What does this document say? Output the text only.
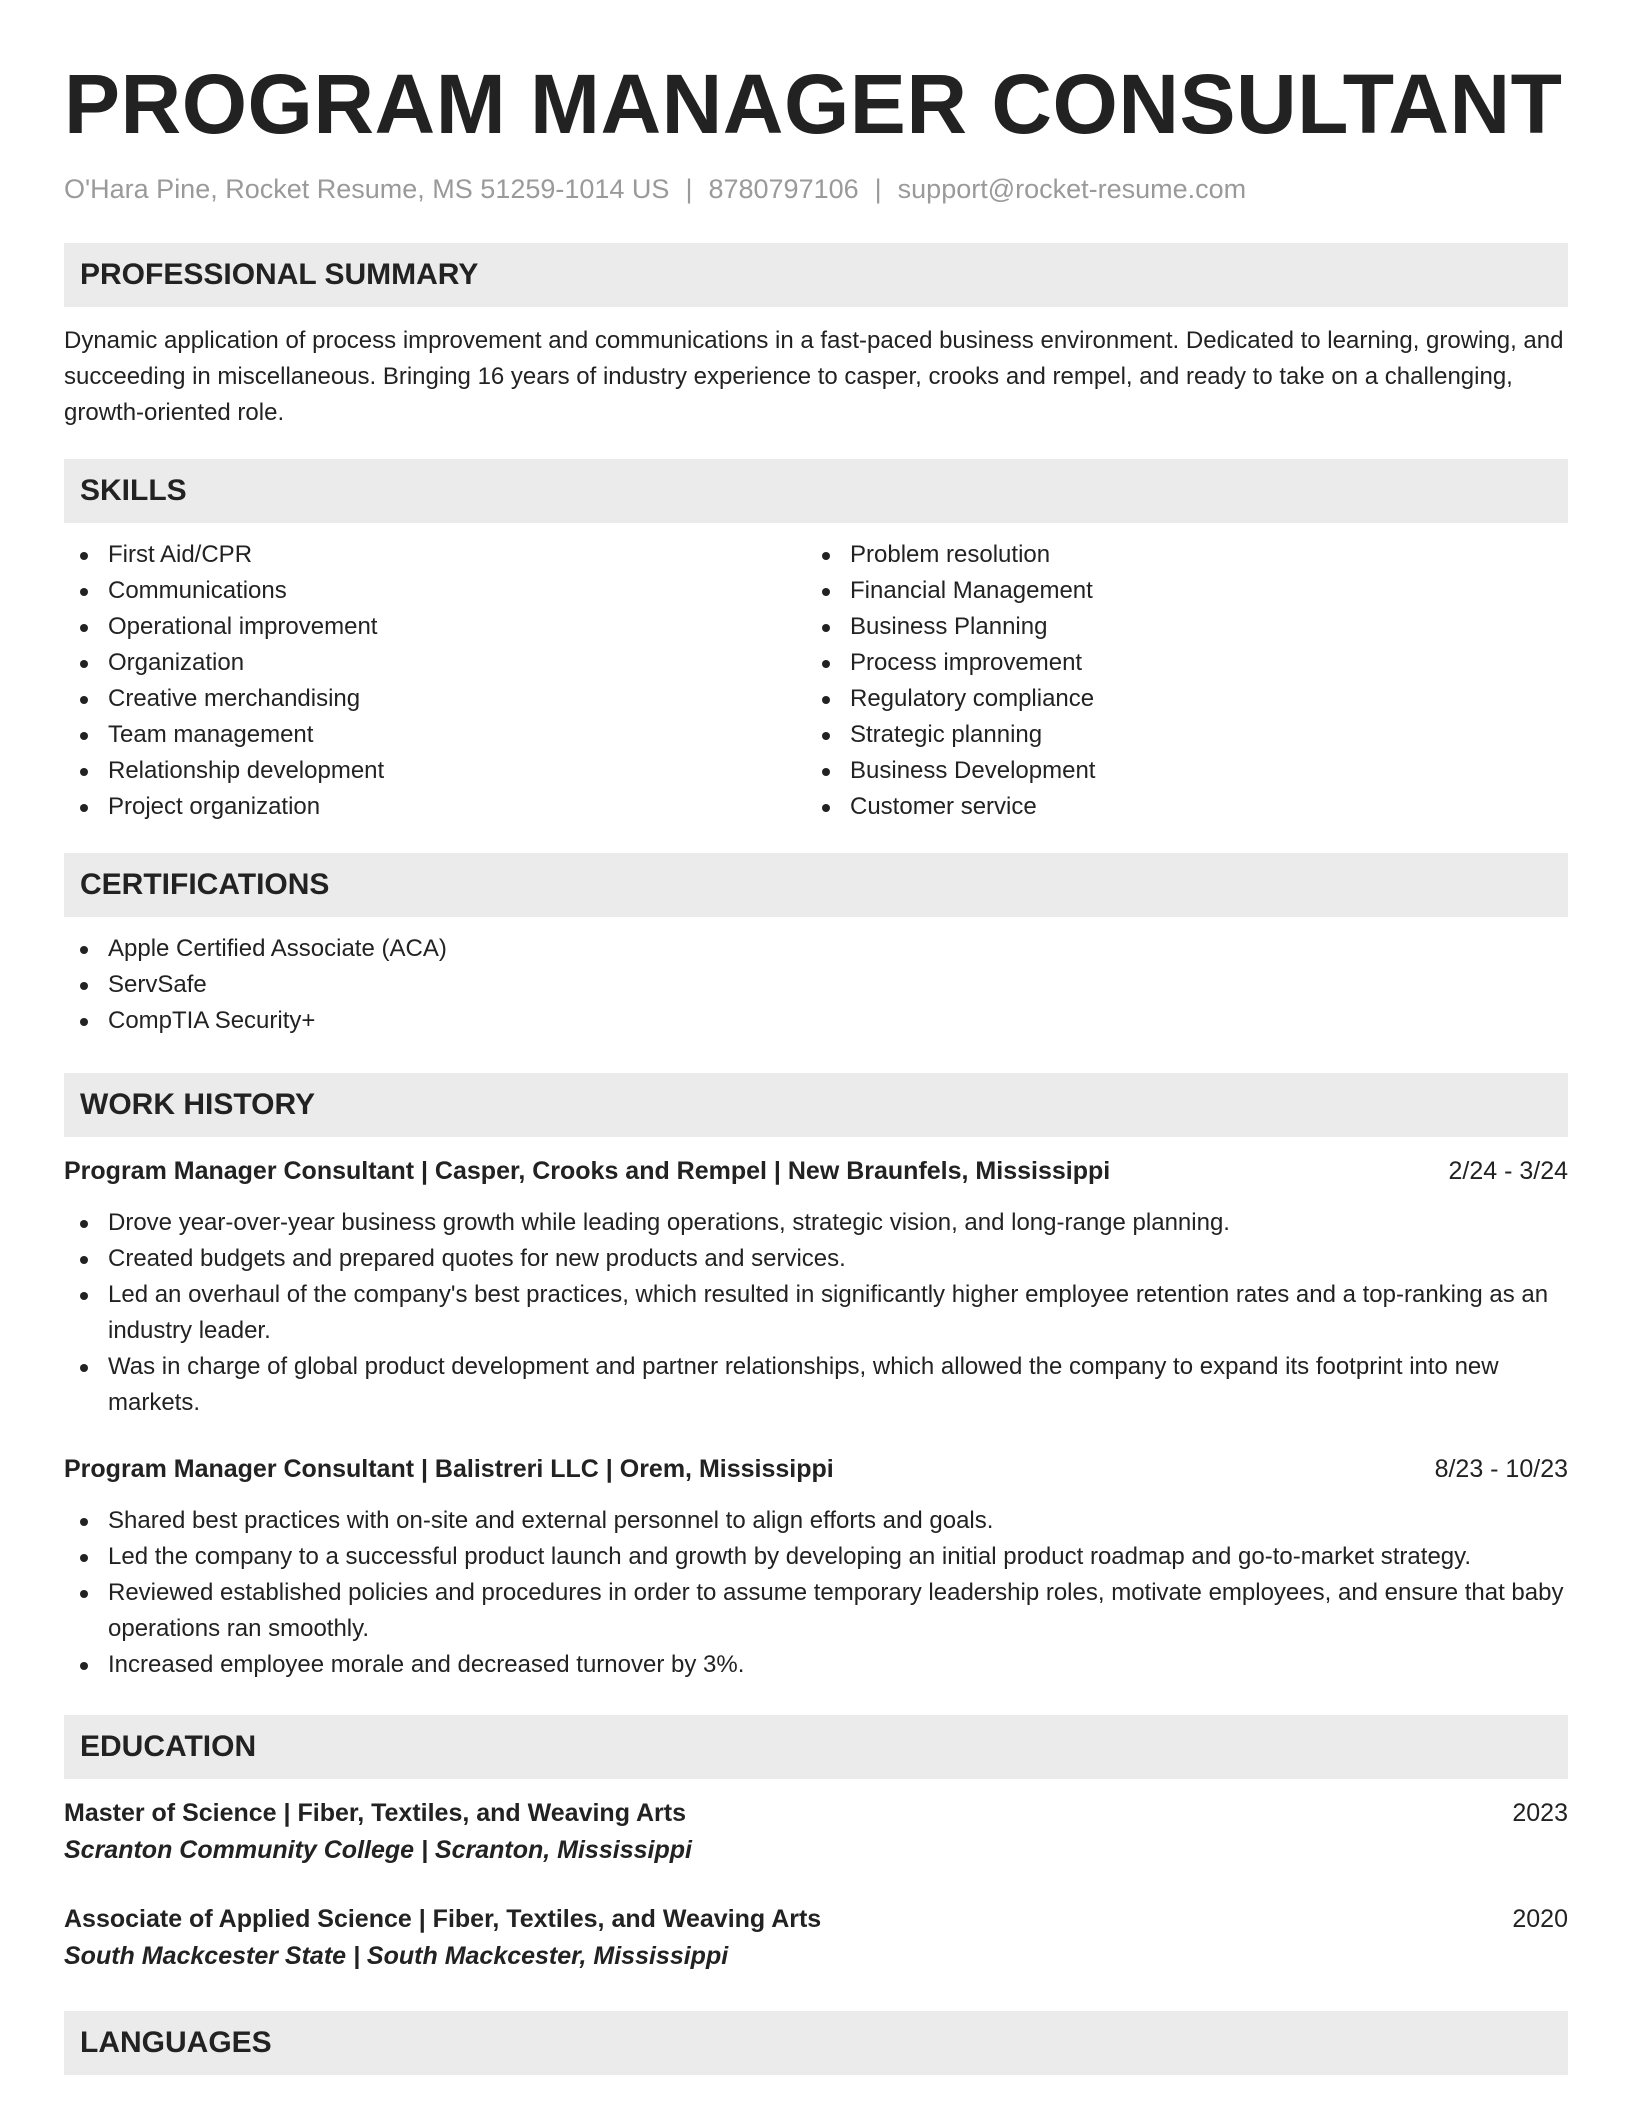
PROGRAM MANAGER CONSULTANT
O'Hara Pine, Rocket Resume, MS 51259-1014 US | 8780797106 | support@rocket-resume.com
PROFESSIONAL SUMMARY

Dynamic application of process improvement and communications in a fast-paced business environment. Dedicated to learning, growing, and succeeding in miscellaneous. Bringing 16 years of industry experience to casper, crooks and rempel, and ready to take on a challenging, growth-oriented role.

SKILLS
First Aid/CPR
Communications
Operational improvement
Organization
Creative merchandising
Team management
Relationship development
Project organization
Problem resolution
Financial Management
Business Planning
Process improvement
Regulatory compliance
Strategic planning
Business Development
Customer service
CERTIFICATIONS
Apple Certified Associate (ACA)
ServSafe
CompTIA Security+
WORK HISTORY
Program Manager Consultant | Casper, Crooks and Rempel | New Braunfels, Mississippi	2/24 - 3/24
Drove year-over-year business growth while leading operations, strategic vision, and long-range planning.
Created budgets and prepared quotes for new products and services.
Led an overhaul of the company's best practices, which resulted in significantly higher employee retention rates and a top-ranking as an industry leader.
Was in charge of global product development and partner relationships, which allowed the company to expand its footprint into new markets.
Program Manager Consultant | Balistreri LLC | Orem, Mississippi	8/23 - 10/23
Shared best practices with on-site and external personnel to align efforts and goals.
Led the company to a successful product launch and growth by developing an initial product roadmap and go-to-market strategy.
Reviewed established policies and procedures in order to assume temporary leadership roles, motivate employees, and ensure that baby operations ran smoothly.
Increased employee morale and decreased turnover by 3%.
EDUCATION
Master of Science | Fiber, Textiles, and Weaving Arts	2023
Scranton Community College | Scranton, Mississippi
Associate of Applied Science | Fiber, Textiles, and Weaving Arts	2020
South Mackcester State | South Mackcester, Mississippi
LANGUAGES
